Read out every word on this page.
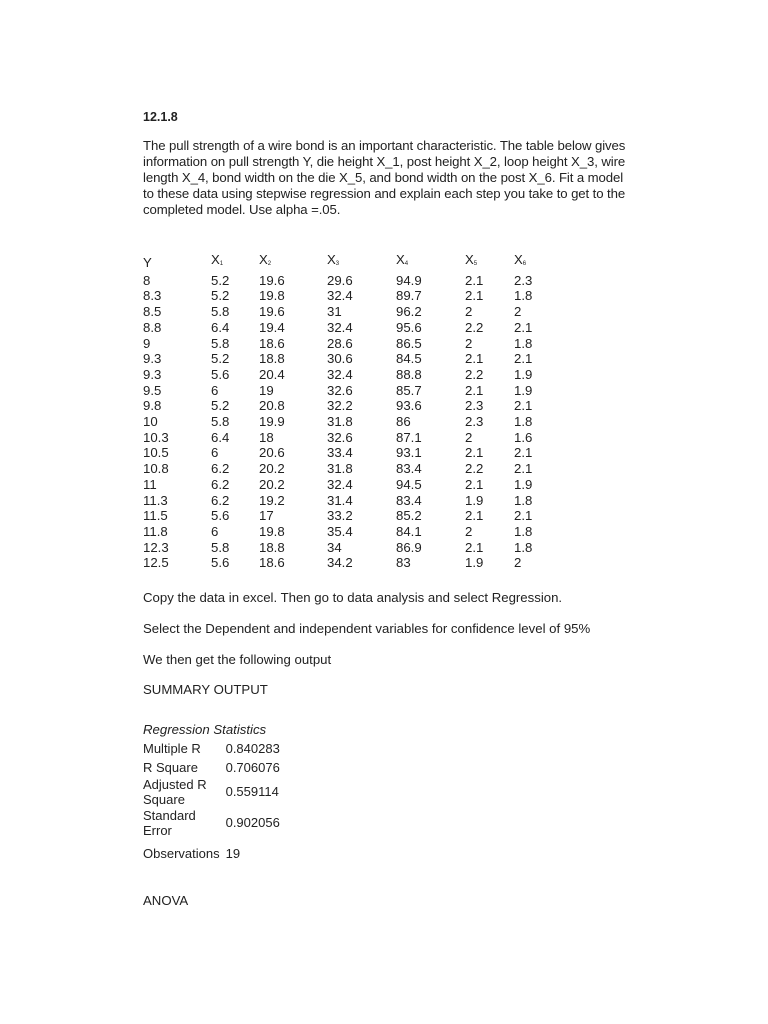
12.1.8
The pull strength of a wire bond is an important characteristic. The table below gives information on pull strength Y, die height X_1, post height X_2, loop height X_3, wire length X_4, bond width on the die X_5, and bond width on the post X_6. Fit a model to these data using stepwise regression and explain each step you take to get to the completed model. Use alpha =.05.
Y	$X_1$	$X_2$	$X_3$	$X_4$	$X_5$	$X_6$
8	5.2	19.6	29.6	94.9	2.1	2.3
8.3	5.2	19.8	32.4	89.7	2.1	1.8
8.5	5.8	19.6	31	96.2	2	2
8.8	6.4	19.4	32.4	95.6	2.2	2.1
9	5.8	18.6	28.6	86.5	2	1.8
9.3	5.2	18.8	30.6	84.5	2.1	2.1
9.3	5.6	20.4	32.4	88.8	2.2	1.9
9.5	6	19	32.6	85.7	2.1	1.9
9.8	5.2	20.8	32.2	93.6	2.3	2.1
10	5.8	19.9	31.8	86	2.3	1.8
10.3	6.4	18	32.6	87.1	2	1.6
10.5	6	20.6	33.4	93.1	2.1	2.1
10.8	6.2	20.2	31.8	83.4	2.2	2.1
11	6.2	20.2	32.4	94.5	2.1	1.9
11.3	6.2	19.2	31.4	83.4	1.9	1.8
11.5	5.6	17	33.2	85.2	2.1	2.1
11.8	6	19.8	35.4	84.1	2	1.8
12.3	5.8	18.8	34	86.9	2.1	1.8
12.5	5.6	18.6	34.2	83	1.9	2
Copy the data in excel. Then go to data analysis and select Regression.
Select the Dependent and independent variables for confidence level of 95%
We then get the following output
SUMMARY OUTPUT
Regression Statistics
Multiple R	0.840283
R Square	0.706076
Adjusted R Square	0.559114
Standard Error	0.902056
Observations	19
ANOVA
